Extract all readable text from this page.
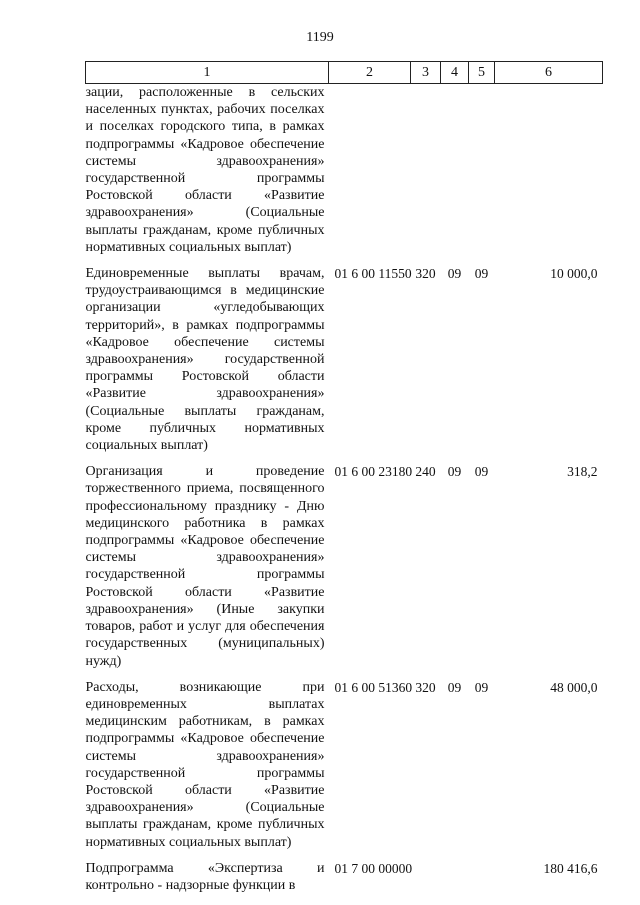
1199
1	2	3	4	5	6
зации, расположенные в сельских населенных пунктах, рабочих поселках и поселках городского типа, в рамках подпрограммы «Кадровое обеспечение системы здравоохранения» государственной программы Ростовской области «Развитие здравоохранения» (Социальные выплаты гражданам, кроме публичных нормативных социальных выплат)					

Единовременные выплаты врачам, трудоустраивающимся в медицинские организации «угледобывающих территорий», в рамках подпрограммы «Кадровое обеспечение системы здравоохранения» государственной программы Ростовской области «Развитие здравоохранения» (Социальные выплаты гражданам, кроме публичных нормативных социальных выплат)	01 6 00 11550	320	09	09	10 000,0

Организация и проведение торжественного приема, посвященного профессиональному празднику - Дню медицинского работника в рамках подпрограммы «Кадровое обеспечение системы здравоохранения» государственной программы Ростовской области «Развитие здравоохранения» (Иные закупки товаров, работ и услуг для обеспечения государственных (муниципальных) нужд)	01 6 00 23180	240	09	09	318,2

Расходы, возникающие при единовременных выплатах медицинским работникам, в рамках подпрограммы «Кадровое обеспечение системы здравоохранения» государственной программы Ростовской области «Развитие здравоохранения» (Социальные выплаты гражданам, кроме публичных нормативных социальных выплат)	01 6 00 51360	320	09	09	48 000,0

Подпрограмма «Экспертиза и контрольно - надзорные функции в	01 7 00 00000				180 416,6
